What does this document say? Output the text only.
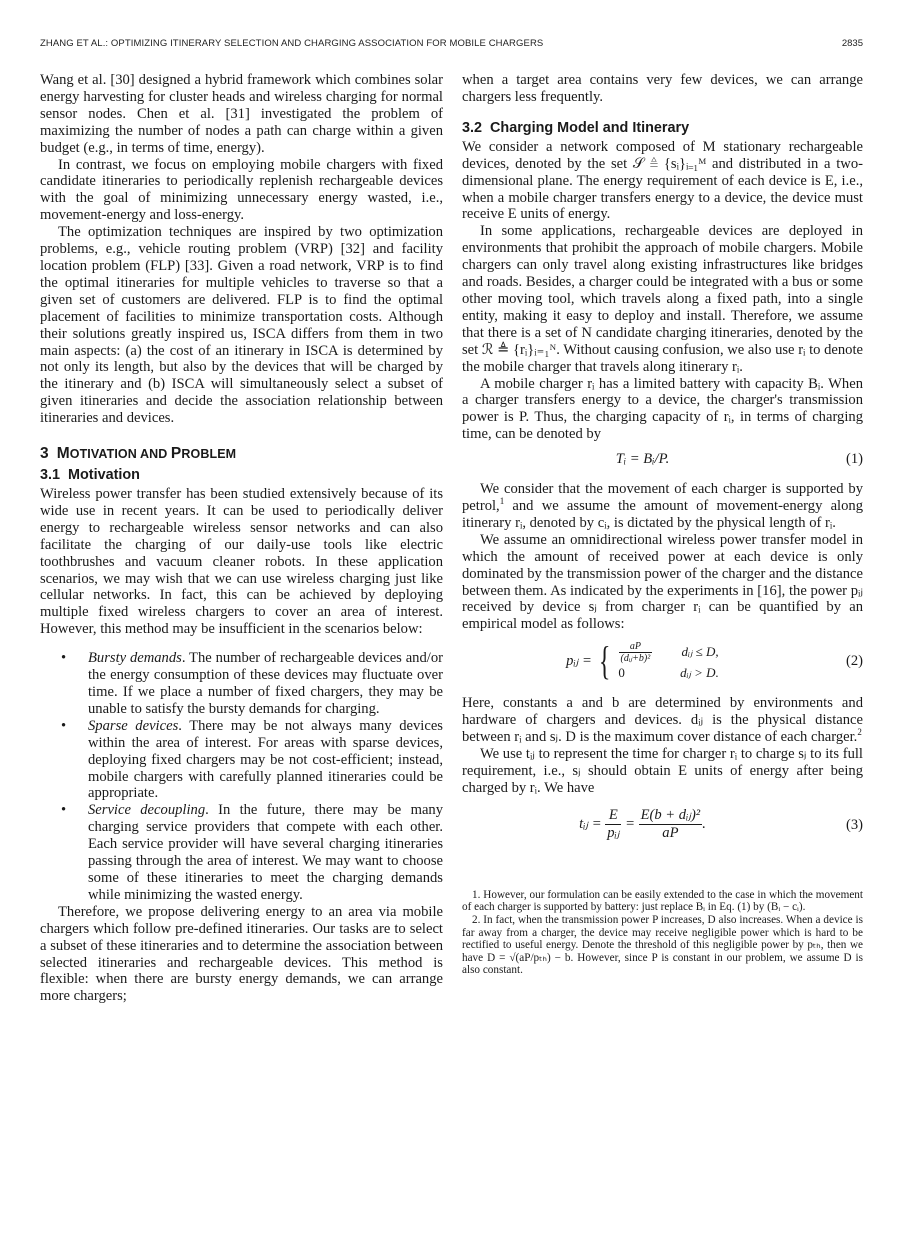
ZHANG ET AL.: OPTIMIZING ITINERARY SELECTION AND CHARGING ASSOCIATION FOR MOBILE CHARGERS	2835

Wang et al. [30] designed a hybrid framework which combines solar energy harvesting for cluster heads and wireless charging for normal sensor nodes. Chen et al. [31] investigated the problem of maximizing the number of nodes a path can charge within a given budget (e.g., in terms of time, energy).

In contrast, we focus on employing mobile chargers with fixed candidate itineraries to periodically replenish rechargeable devices with the goal of minimizing unnecessary energy wasted, i.e., movement-energy and loss-energy.

The optimization techniques are inspired by two optimization problems, e.g., vehicle routing problem (VRP) [32] and facility location problem (FLP) [33]. Given a road network, VRP is to find the optimal itineraries for multiple vehicles to traverse so that a given set of customers are delivered. FLP is to find the optimal placement of facilities to minimize transportation costs. Although their solutions greatly inspired us, ISCA differs from them in two main aspects: (a) the cost of an itinerary in ISCA is determined by not only its length, but also by the devices that will be charged by the itinerary and (b) ISCA will simultaneously select a subset of given itineraries and decide the association relationship between itineraries and devices.

3 MOTIVATION AND PROBLEM
3.1 Motivation

Wireless power transfer has been studied extensively because of its wide use in recent years. It can be used to periodically deliver energy to rechargeable wireless sensor networks and can also facilitate the charging of our daily-use tools like electric toothbrushes and vacuum cleaner robots. In these application scenarios, we may wish that we can use wireless charging just like cellular networks. In fact, this can be achieved by deploying multiple fixed wireless chargers to cover an area of interest. However, this method may be insufficient in the scenarios below:

• Bursty demands. The number of rechargeable devices and/or the energy consumption of these devices may fluctuate over time. If we place a number of fixed chargers, they may be unable to satisfy the bursty demands for charging.
• Sparse devices. There may be not always many devices within the area of interest. For areas with sparse devices, deploying fixed chargers may be not cost-efficient; instead, mobile chargers with carefully planned itineraries could be appropriate.
• Service decoupling. In the future, there may be many charging service providers that compete with each other. Each service provider will have several charging itineraries passing through the area of interest. We may want to choose some of these itineraries to meet the charging demands while minimizing the wasted energy.

Therefore, we propose delivering energy to an area via mobile chargers which follow pre-defined itineraries. Our tasks are to select a subset of these itineraries and to determine the association between selected itineraries and rechargeable devices. This method is flexible: when there are bursty energy demands, we can arrange more chargers;

when a target area contains very few devices, we can arrange chargers less frequently.

3.2 Charging Model and Itinerary

We consider a network composed of M stationary rechargeable devices, denoted by the set 𝒮 ≜ {sᵢ}ᵢ₌₁ᴹ and distributed in a two-dimensional plane. The energy requirement of each device is E, i.e., when a mobile charger transfers energy to a device, the device must receive E units of energy.

In some applications, rechargeable devices are deployed in environments that prohibit the approach of mobile chargers. Mobile chargers can only travel along existing infrastructures like bridges and roads. Besides, a charger could be integrated with a bus or some other moving tool, which travels along a fixed path, into a single entity, making it easy to deploy and install. Therefore, we assume that there is a set of N candidate charging itineraries, denoted by the set ℛ ≜ {rᵢ}ᵢ₌₁ᴺ. Without causing confusion, we also use rᵢ to denote the mobile charger that travels along itinerary rᵢ.

A mobile charger rᵢ has a limited battery with capacity Bᵢ. When a charger transfers energy to a device, the charger's transmission power is P. Thus, the charging capacity of rᵢ, in terms of charging time, can be denoted by

Tᵢ = Bᵢ/P.	(1)

We consider that the movement of each charger is supported by petrol,$^1$ and we assume the amount of movement-energy along itinerary rᵢ, denoted by cᵢ, is dictated by the physical length of rᵢ.

We assume an omnidirectional wireless power transfer model in which the amount of received power at each device is only dominated by the transmission power of the charger and the distance between them. As indicated by the experiments in [16], the power pᵢⱼ received by device sⱼ from charger rᵢ can be quantified by an empirical model as follows:

pᵢⱼ = { $\frac{aP}{\text{(dᵢⱼ+b)²}}$ dᵢⱼ ≤ D,
0	dᵢⱼ > D.
(2)

Here, constants a and b are determined by environments and hardware of chargers and devices. dᵢⱼ is the physical distance between rᵢ and sⱼ. D is the maximum cover distance of each charger.$^2$

We use tᵢⱼ to represent the time for charger rᵢ to charge sⱼ to its full requirement, i.e., sⱼ should obtain E units of energy after being charged by rᵢ. We have

tᵢⱼ = $\frac{E}{\text{pᵢⱼ}} = \frac{\text{E(b + dᵢⱼ)²}}{aP}$ .	(3)

1. However, our formulation can be easily extended to the case in which the movement of each charger is supported by battery: just replace Bᵢ in Eq. (1) by (Bᵢ − cᵢ).

2. In fact, when the transmission power P increases, D also increases. When a device is far away from a charger, the device may receive negligible power which is hard to be rectified to useful energy. Denote the threshold of this negligible power by pₜₕ, then we have D = √(aP/pₜₕ) − b. However, since P is constant in our problem, we assume D is also constant.
